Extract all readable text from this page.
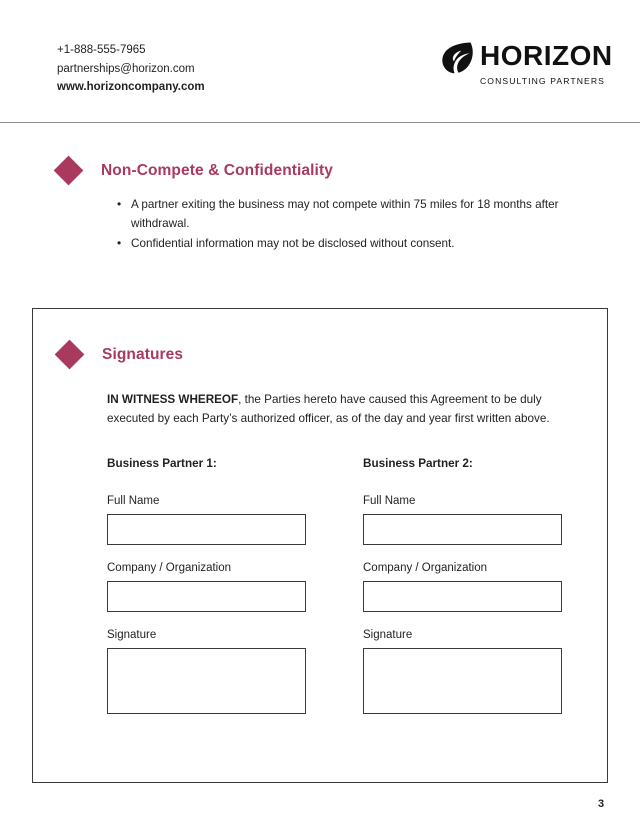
+1-888-555-7965
partnerships@horizon.com
www.horizoncompany.com
HORIZON CONSULTING PARTNERS
Non-Compete & Confidentiality
• A partner exiting the business may not compete within 75 miles for 18 months after withdrawal.
• Confidential information may not be disclosed without consent.
Signatures

IN WITNESS WHEREOF, the Parties hereto have caused this Agreement to be duly executed by each Party’s authorized officer, as of the day and year first written above.

Business Partner 1:
Full Name
Company / Organization
Signature
Business Partner 2:
Full Name
Company / Organization
Signature
3
